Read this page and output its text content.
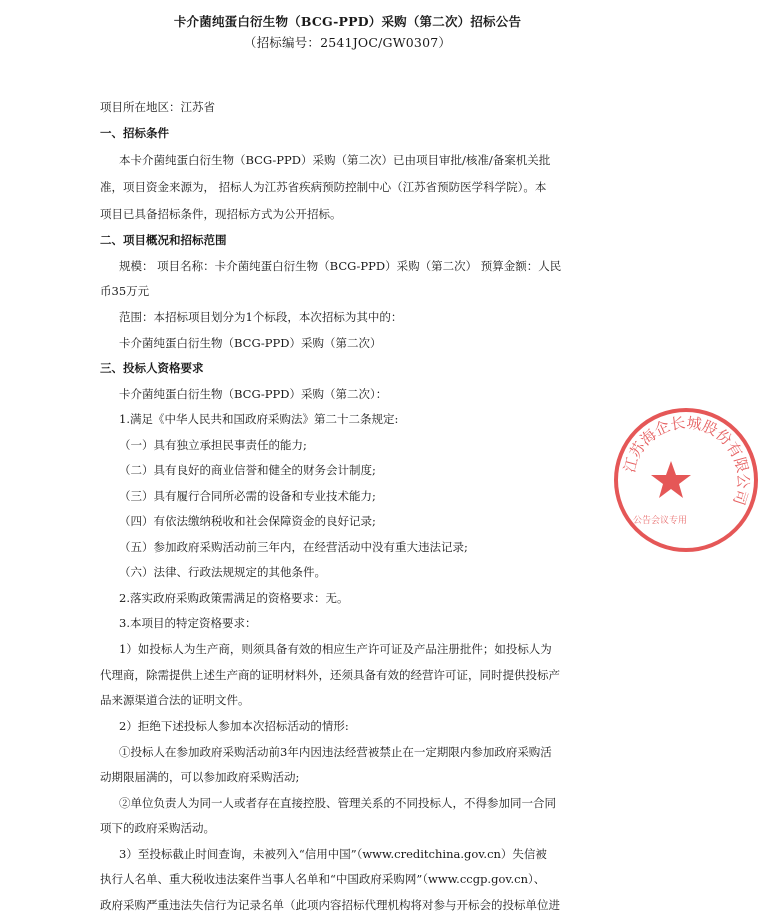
卡介菌纯蛋白衍生物（BCG-PPD）采购（第二次）招标公告
（招标编号：2541JOC/GW0307）
项目所在地区：江苏省
一、招标条件
本卡介菌纯蛋白衍生物（BCG-PPD）采购（第二次）已由项目审批/核准/备案机关批
准，项目资金来源为， 招标人为江苏省疾病预防控制中心（江苏省预防医学科学院）。本
项目已具备招标条件，现招标方式为公开招标。
二、项目概况和招标范围
规模： 项目名称：卡介菌纯蛋白衍生物（BCG-PPD）采购（第二次） 预算金额：人民
币35万元
范围：本招标项目划分为1个标段，本次招标为其中的：
卡介菌纯蛋白衍生物（BCG-PPD）采购（第二次）
三、投标人资格要求
卡介菌纯蛋白衍生物（BCG-PPD）采购（第二次）：
1.满足《中华人民共和国政府采购法》第二十二条规定:
（一）具有独立承担民事责任的能力;
（二）具有良好的商业信誉和健全的财务会计制度;
（三）具有履行合同所必需的设备和专业技术能力;
（四）有依法缴纳税收和社会保障资金的良好记录;
（五）参加政府采购活动前三年内，在经营活动中没有重大违法记录;
（六）法律、行政法规规定的其他条件。
2.落实政府采购政策需满足的资格要求：无。
3.本项目的特定资格要求：
1）如投标人为生产商，则须具备有效的相应生产许可证及产品注册批件；如投标人为
代理商，除需提供上述生产商的证明材料外，还须具备有效的经营许可证，同时提供投标产
品来源渠道合法的证明文件。
2）拒绝下述投标人参加本次招标活动的情形:
①投标人在参加政府采购活动前3年内因违法经营被禁止在一定期限内参加政府采购活
动期限届满的，可以参加政府采购活动;
②单位负责人为同一人或者存在直接控股、管理关系的不同投标人，不得参加同一合同
项下的政府采购活动。
3）至投标截止时间查询，未被列入“信用中国”（www.creditchina.gov.cn）失信被
执行人名单、重大税收违法案件当事人名单和“中国政府采购网”（www.ccgp.gov.cn）、
政府采购严重违法失信行为记录名单（此项内容招标代理机构将对参与开标会的投标单位进
江苏海企长城股份有限公司
公告会议专用
